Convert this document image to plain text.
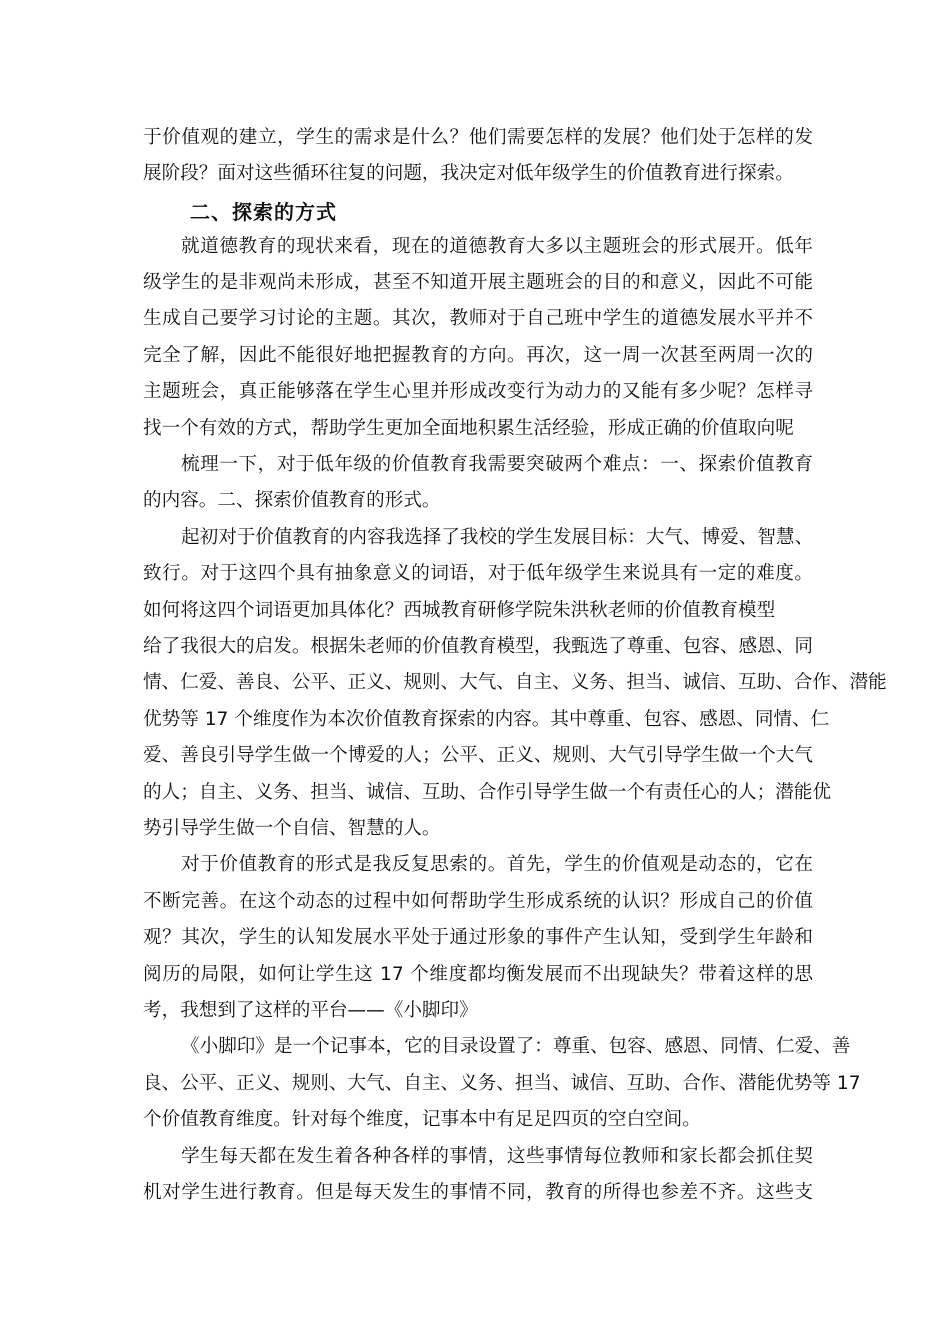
于价值观的建立，学生的需求是什么？他们需要怎样的发展？他们处于怎样的发
展阶段？面对这些循环往复的问题，我决定对低年级学生的价值教育进行探索。
二、探索的方式
就道德教育的现状来看，现在的道德教育大多以主题班会的形式展开。低年
级学生的是非观尚未形成，甚至不知道开展主题班会的目的和意义，因此不可能
生成自己要学习讨论的主题。其次，教师对于自己班中学生的道德发展水平并不
完全了解，因此不能很好地把握教育的方向。再次，这一周一次甚至两周一次的
主题班会，真正能够落在学生心里并形成改变行为动力的又能有多少呢？怎样寻
找一个有效的方式，帮助学生更加全面地积累生活经验，形成正确的价值取向呢
梳理一下，对于低年级的价值教育我需要突破两个难点：一、探索价值教育
的内容。二、探索价值教育的形式。
起初对于价值教育的内容我选择了我校的学生发展目标：大气、博爱、智慧、
致行。对于这四个具有抽象意义的词语，对于低年级学生来说具有一定的难度。
如何将这四个词语更加具体化？西城教育研修学院朱洪秋老师的价值教育模型
给了我很大的启发。根据朱老师的价值教育模型，我甄选了尊重、包容、感恩、同
情、仁爱、善良、公平、正义、规则、大气、自主、义务、担当、诚信、互助、合作、潜能
优势等 17 个维度作为本次价值教育探索的内容。其中尊重、包容、感恩、同情、仁
爱、善良引导学生做一个博爱的人；公平、正义、规则、大气引导学生做一个大气
的人；自主、义务、担当、诚信、互助、合作引导学生做一个有责任心的人；潜能优
势引导学生做一个自信、智慧的人。
对于价值教育的形式是我反复思索的。首先，学生的价值观是动态的，它在
不断完善。在这个动态的过程中如何帮助学生形成系统的认识？形成自己的价值
观？其次，学生的认知发展水平处于通过形象的事件产生认知，受到学生年龄和
阅历的局限，如何让学生这 17 个维度都均衡发展而不出现缺失？带着这样的思
考，我想到了这样的平台——《小脚印》
《小脚印》是一个记事本，它的目录设置了：尊重、包容、感恩、同情、仁爱、善
良、公平、正义、规则、大气、自主、义务、担当、诚信、互助、合作、潜能优势等 17
个价值教育维度。针对每个维度，记事本中有足足四页的空白空间。
学生每天都在发生着各种各样的事情，这些事情每位教师和家长都会抓住契
机对学生进行教育。但是每天发生的事情不同，教育的所得也参差不齐。这些支
